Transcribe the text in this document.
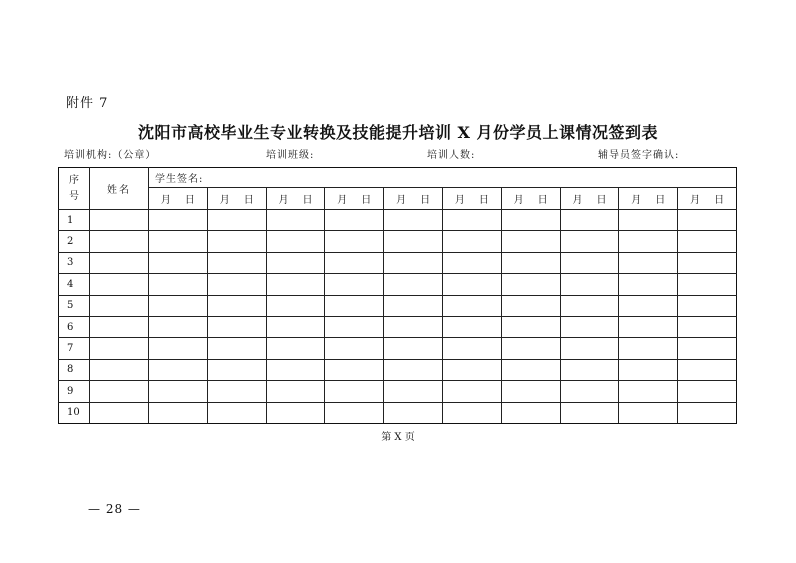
附件 7
沈阳市高校毕业生专业转换及技能提升培训 X 月份学员上课情况签到表
培训机构:（公章）	培训班级:	培训人数:	辅导员签字确认:
序
号	姓名	学生签名:									
		月 日	月 日	月 日	月 日	月 日	月 日	月 日	月 日	月 日	月 日
1											
2											
3											
4											
5											
6											
7											
8											
9											
10											
第 X 页
— 28 —
